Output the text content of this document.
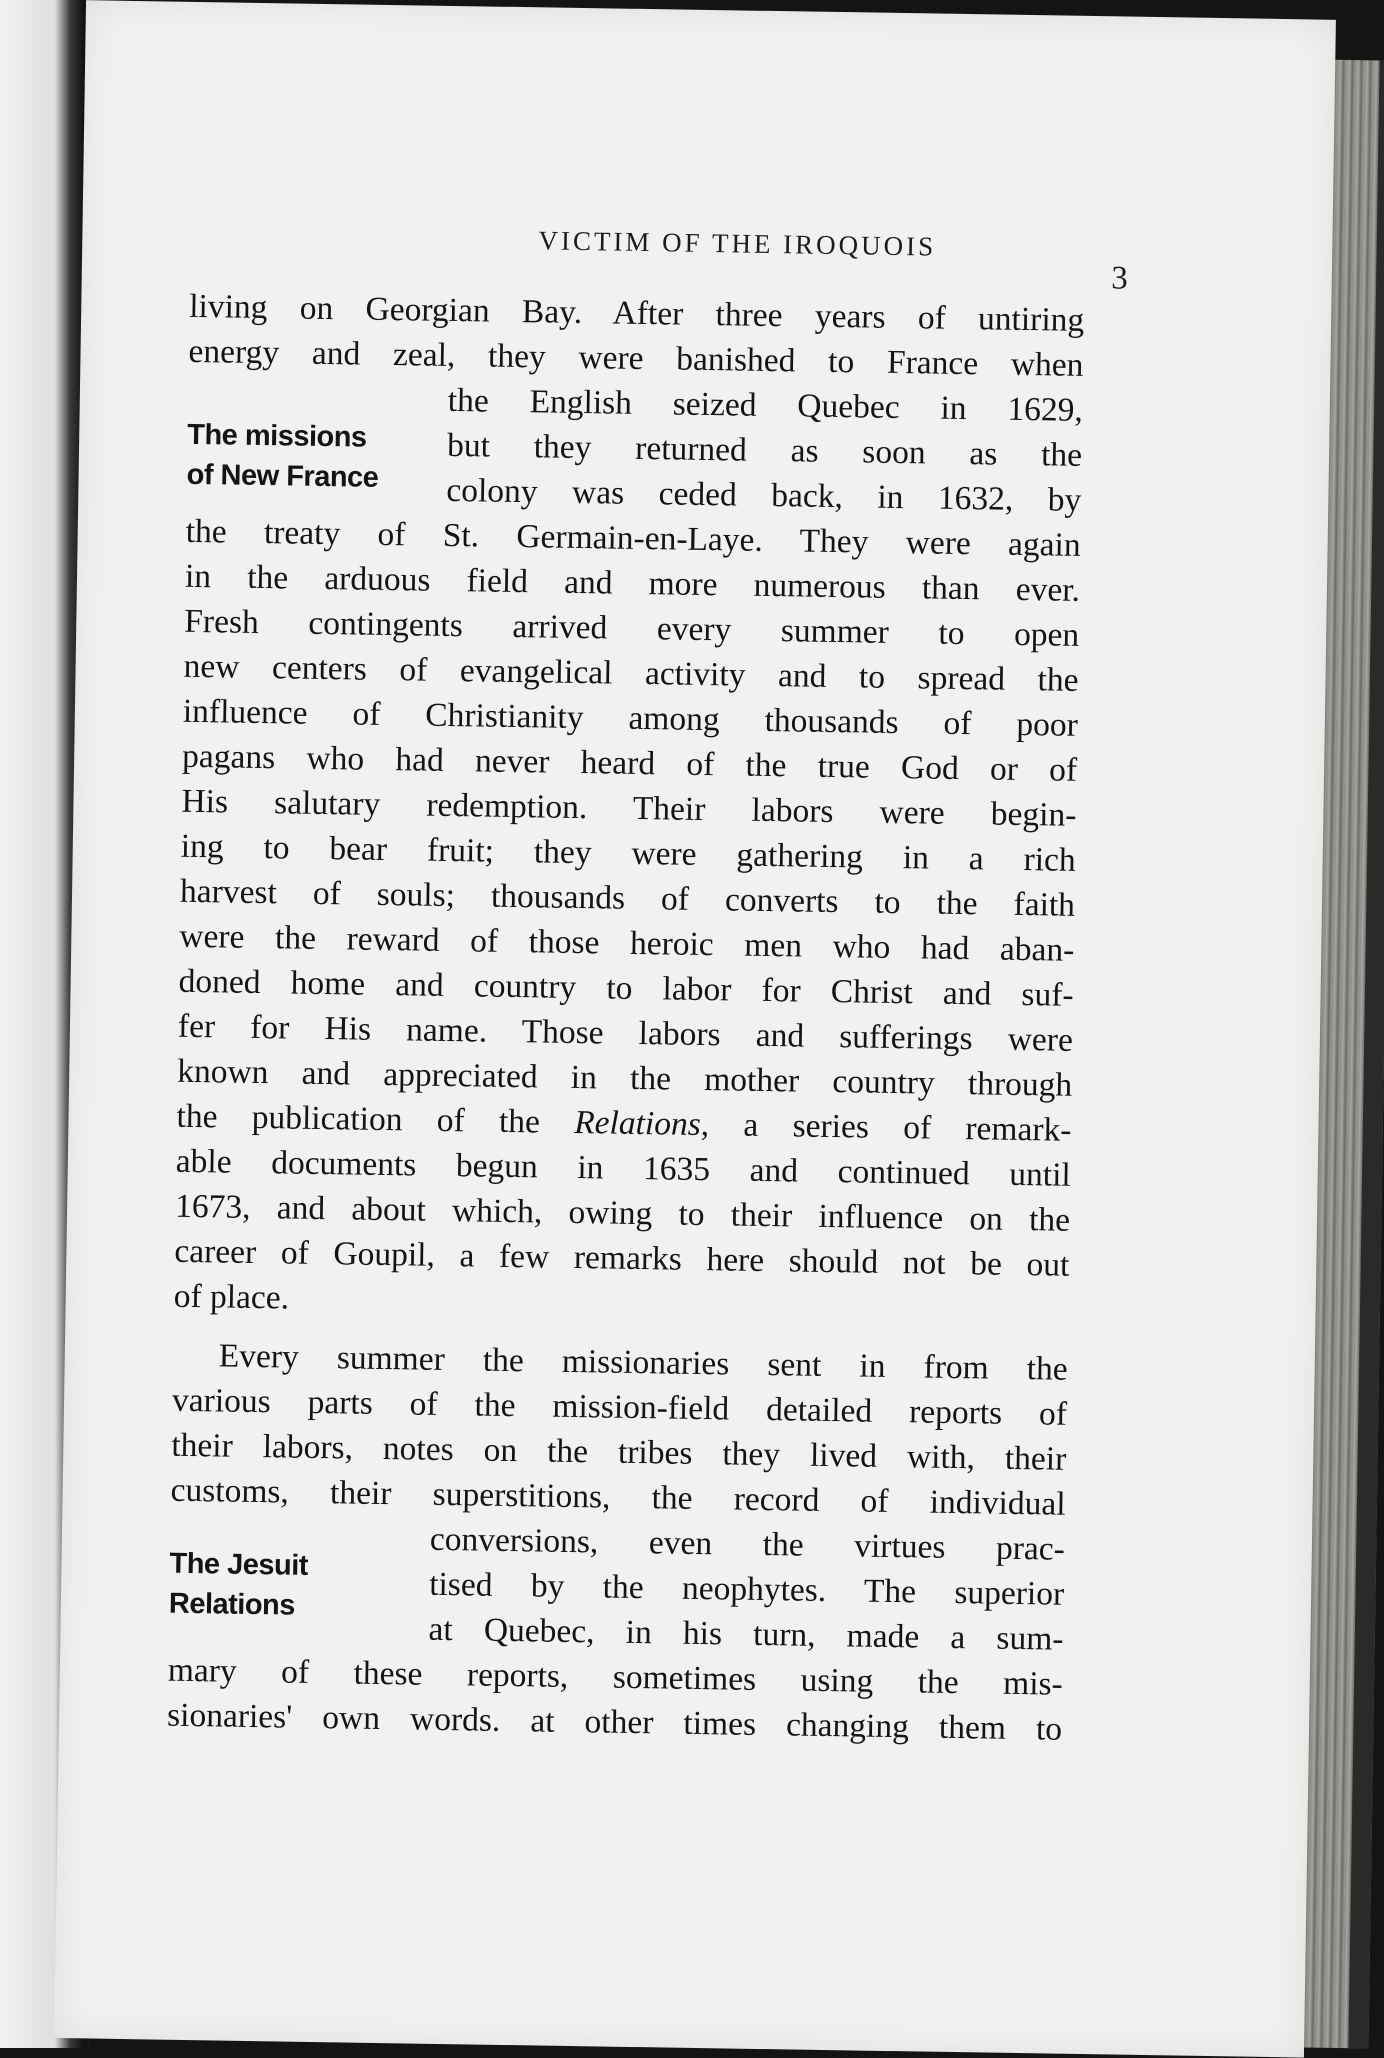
VICTIM OF THE IROQUOIS
3
The missions
of New France
The Jesuit
Relations
living on Georgian Bay. After three years of untiring
energy and zeal, they were banished to France when
the English seized Quebec in 1629,
but they returned as soon as the
colony was ceded back, in 1632, by
the treaty of St. Germain-en-Laye. They were again
in the arduous field and more numerous than ever.
Fresh contingents arrived every summer to open
new centers of evangelical activity and to spread the
influence of Christianity among thousands of poor
pagans who had never heard of the true God or of
His salutary redemption. Their labors were begin-
ing to bear fruit; they were gathering in a rich
harvest of souls; thousands of converts to the faith
were the reward of those heroic men who had aban-
doned home and country to labor for Christ and suf-
fer for His name. Those labors and sufferings were
known and appreciated in the mother country through
the publication of the Relations, a series of remark-
able documents begun in 1635 and continued until
1673, and about which, owing to their influence on the
career of Goupil, a few remarks here should not be out
of place.
Every summer the missionaries sent in from the
various parts of the mission-field detailed reports of
their labors, notes on the tribes they lived with, their
customs, their superstitions, the record of individual
conversions, even the virtues prac-
tised by the neophytes. The superior
at Quebec, in his turn, made a sum-
mary of these reports, sometimes using the mis-
sionaries' own words. at other times changing them to
